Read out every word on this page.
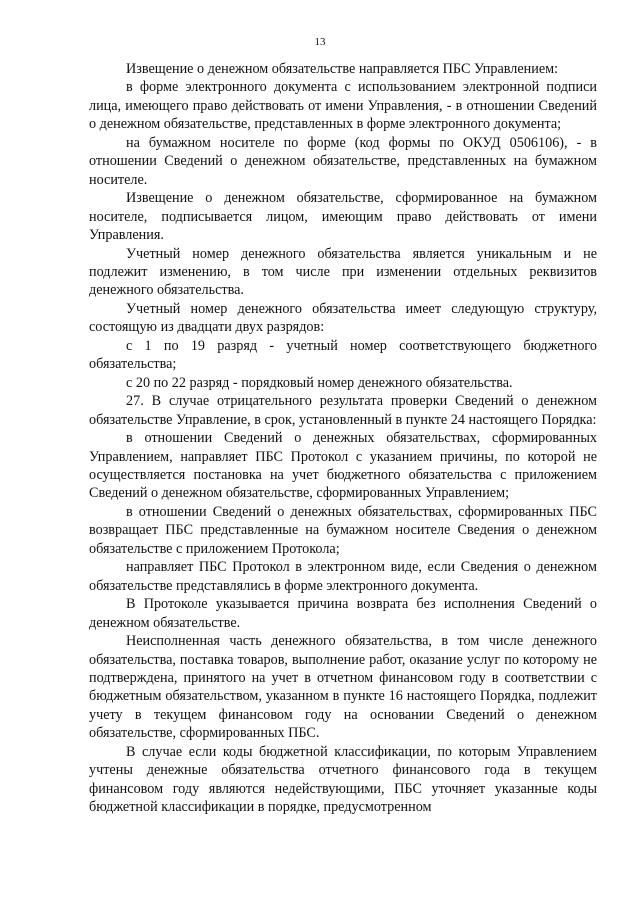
13

Извещение о денежном обязательстве направляется ПБС Управлением:

в форме электронного документа с использованием электронной подписи лица, имеющего право действовать от имени Управления, - в отношении Сведений о денежном обязательстве, представленных в форме электронного документа;

на бумажном носителе по форме (код формы по ОКУД 0506106), - в отношении Сведений о денежном обязательстве, представленных на бумажном носителе.

Извещение о денежном обязательстве, сформированное на бумажном носителе, подписывается лицом, имеющим право действовать от имени Управления.

Учетный номер денежного обязательства является уникальным и не подлежит изменению, в том числе при изменении отдельных реквизитов денежного обязательства.

Учетный номер денежного обязательства имеет следующую структуру, состоящую из двадцати двух разрядов:

с 1 по 19 разряд - учетный номер соответствующего бюджетного обязательства;

с 20 по 22 разряд - порядковый номер денежного обязательства.

27. В случае отрицательного результата проверки Сведений о денежном обязательстве Управление, в срок, установленный в пункте 24 настоящего Порядка:

в отношении Сведений о денежных обязательствах, сформированных Управлением, направляет ПБС Протокол с указанием причины, по которой не осуществляется постановка на учет бюджетного обязательства с приложением Сведений о денежном обязательстве, сформированных Управлением;

в отношении Сведений о денежных обязательствах, сформированных ПБС возвращает ПБС представленные на бумажном носителе Сведения о денежном обязательстве с приложением Протокола;

направляет ПБС Протокол в электронном виде, если Сведения о денежном обязательстве представлялись в форме электронного документа.

В Протоколе указывается причина возврата без исполнения Сведений о денежном обязательстве.

Неисполненная часть денежного обязательства, в том числе денежного обязательства, поставка товаров, выполнение работ, оказание услуг по которому не подтверждена, принятого на учет в отчетном финансовом году в соответствии с бюджетным обязательством, указанном в пункте 16 настоящего Порядка, подлежит учету в текущем финансовом году на основании Сведений о денежном обязательстве, сформированных ПБС.

В случае если коды бюджетной классификации, по которым Управлением учтены денежные обязательства отчетного финансового года в текущем финансовом году являются недействующими, ПБС уточняет указанные коды бюджетной классификации в порядке, предусмотренном
